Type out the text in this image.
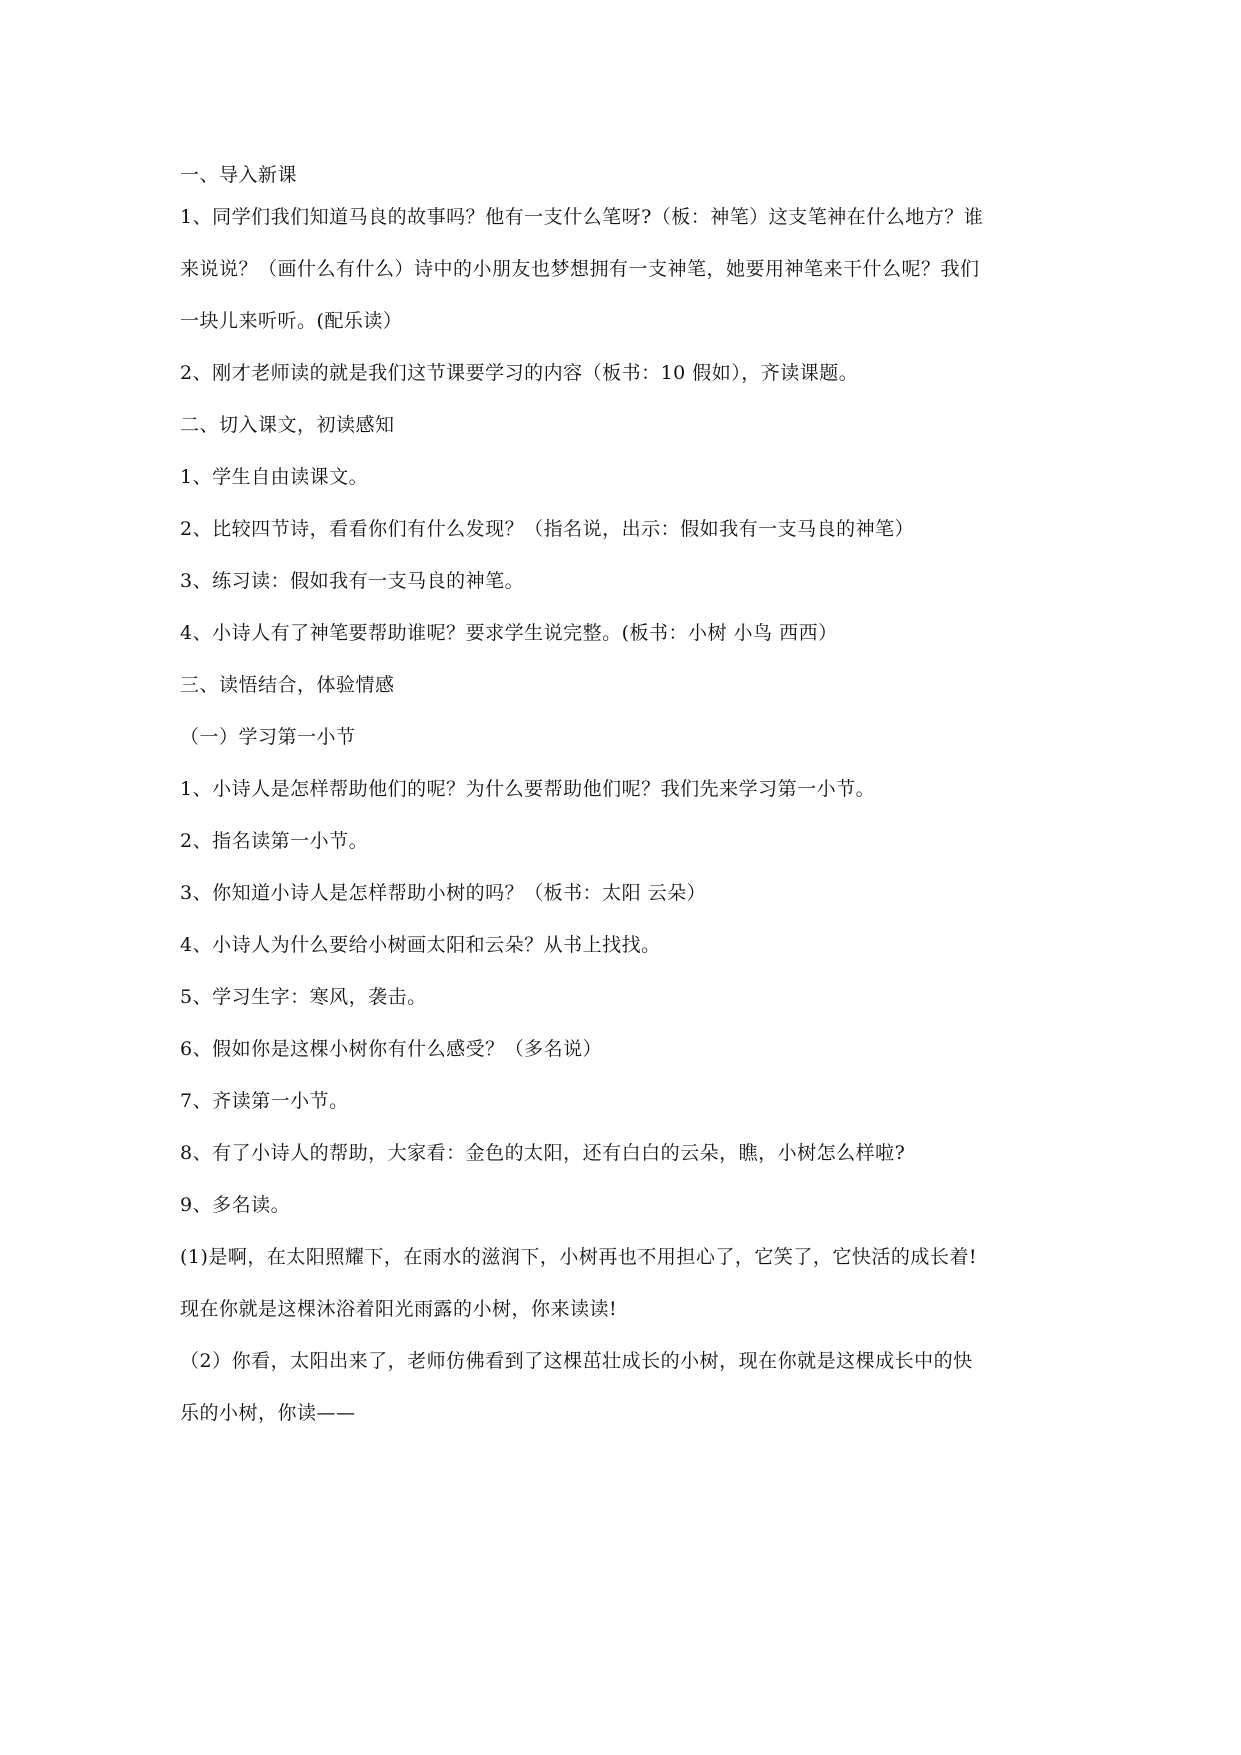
一、导入新课
1、同学们我们知道马良的故事吗？他有一支什么笔呀?（板：神笔）这支笔神在什么地方？谁
来说说？（画什么有什么）诗中的小朋友也梦想拥有一支神笔，她要用神笔来干什么呢？我们
一块儿来听听。(配乐读）
2、刚才老师读的就是我们这节课要学习的内容（板书：10 假如），齐读课题。
二、切入课文，初读感知
1、学生自由读课文。
2、比较四节诗，看看你们有什么发现？（指名说，出示：假如我有一支马良的神笔）
3、练习读：假如我有一支马良的神笔。
4、小诗人有了神笔要帮助谁呢？要求学生说完整。(板书：小树 小鸟 西西）
三、读悟结合，体验情感
（一）学习第一小节
1、小诗人是怎样帮助他们的呢？为什么要帮助他们呢？我们先来学习第一小节。
2、指名读第一小节。
3、你知道小诗人是怎样帮助小树的吗？（板书：太阳 云朵）
4、小诗人为什么要给小树画太阳和云朵？从书上找找。
5、学习生字：寒风，袭击。
6、假如你是这棵小树你有什么感受？（多名说）
7、齐读第一小节。
8、有了小诗人的帮助，大家看：金色的太阳，还有白白的云朵，瞧，小树怎么样啦?
9、多名读。
(1)是啊，在太阳照耀下，在雨水的滋润下，小树再也不用担心了，它笑了，它快活的成长着!
现在你就是这棵沐浴着阳光雨露的小树，你来读读!
（2）你看，太阳出来了，老师仿佛看到了这棵茁壮成长的小树，现在你就是这棵成长中的快
乐的小树，你读——
